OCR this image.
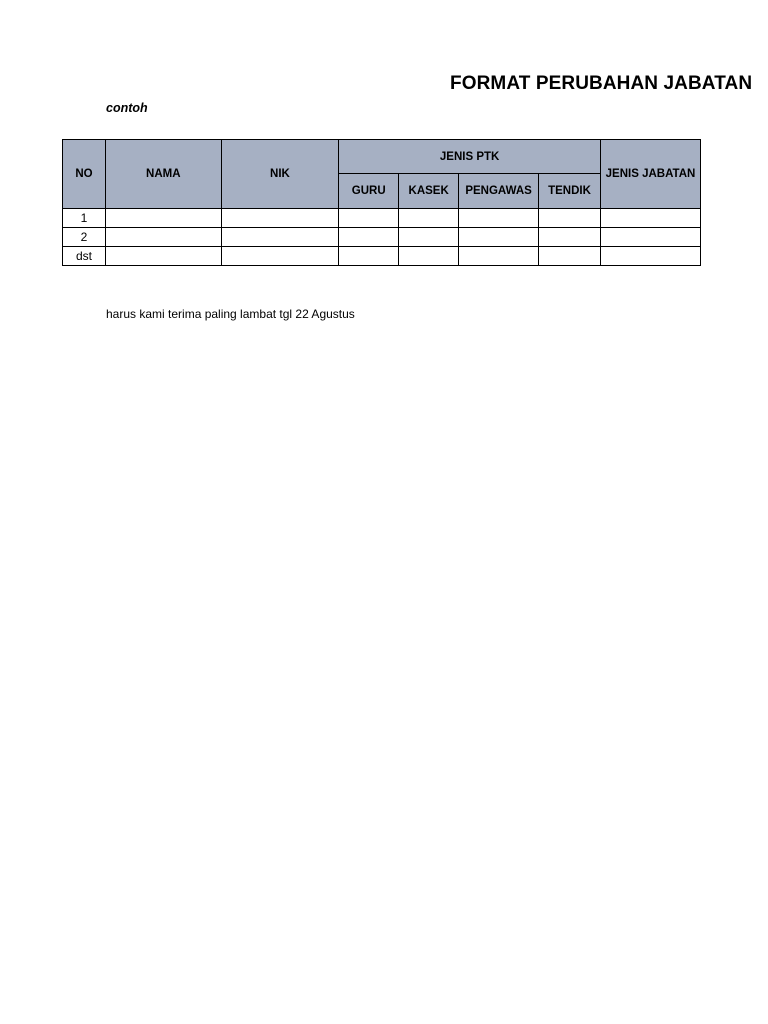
FORMAT PERUBAHAN JABATAN
contoh
NO	NAMA	NIK	JENIS PTK				JENIS JABATAN
			GURU	KASEK	PENGAWAS	TENDIK	
1							
2							
dst							
harus kami terima paling lambat tgl 22 Agustus
